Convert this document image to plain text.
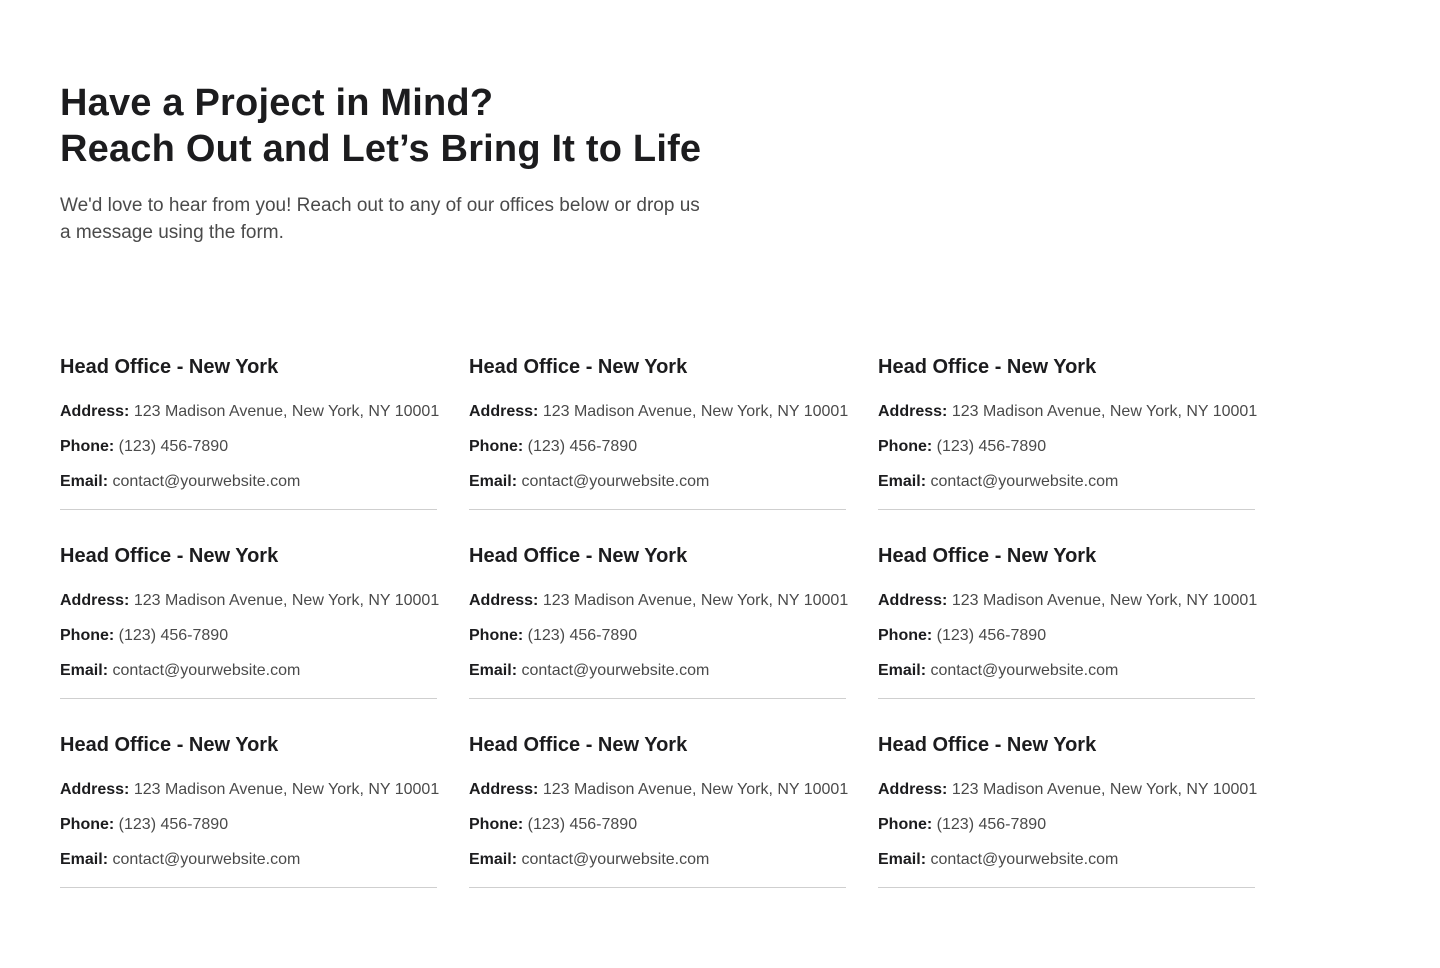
Have a Project in Mind?
Reach Out and Let’s Bring It to Life

We'd love to hear from you! Reach out to any of our offices below or drop us a message using the form.

Head Office - New York
Address: 123 Madison Avenue, New York, NY 10001
Phone: (123) 456-7890
Email: contact@yourwebsite.com
Head Office - New York
Address: 123 Madison Avenue, New York, NY 10001
Phone: (123) 456-7890
Email: contact@yourwebsite.com
Head Office - New York
Address: 123 Madison Avenue, New York, NY 10001
Phone: (123) 456-7890
Email: contact@yourwebsite.com
Head Office - New York
Address: 123 Madison Avenue, New York, NY 10001
Phone: (123) 456-7890
Email: contact@yourwebsite.com
Head Office - New York
Address: 123 Madison Avenue, New York, NY 10001
Phone: (123) 456-7890
Email: contact@yourwebsite.com
Head Office - New York
Address: 123 Madison Avenue, New York, NY 10001
Phone: (123) 456-7890
Email: contact@yourwebsite.com
Head Office - New York
Address: 123 Madison Avenue, New York, NY 10001
Phone: (123) 456-7890
Email: contact@yourwebsite.com
Head Office - New York
Address: 123 Madison Avenue, New York, NY 10001
Phone: (123) 456-7890
Email: contact@yourwebsite.com
Head Office - New York
Address: 123 Madison Avenue, New York, NY 10001
Phone: (123) 456-7890
Email: contact@yourwebsite.com
